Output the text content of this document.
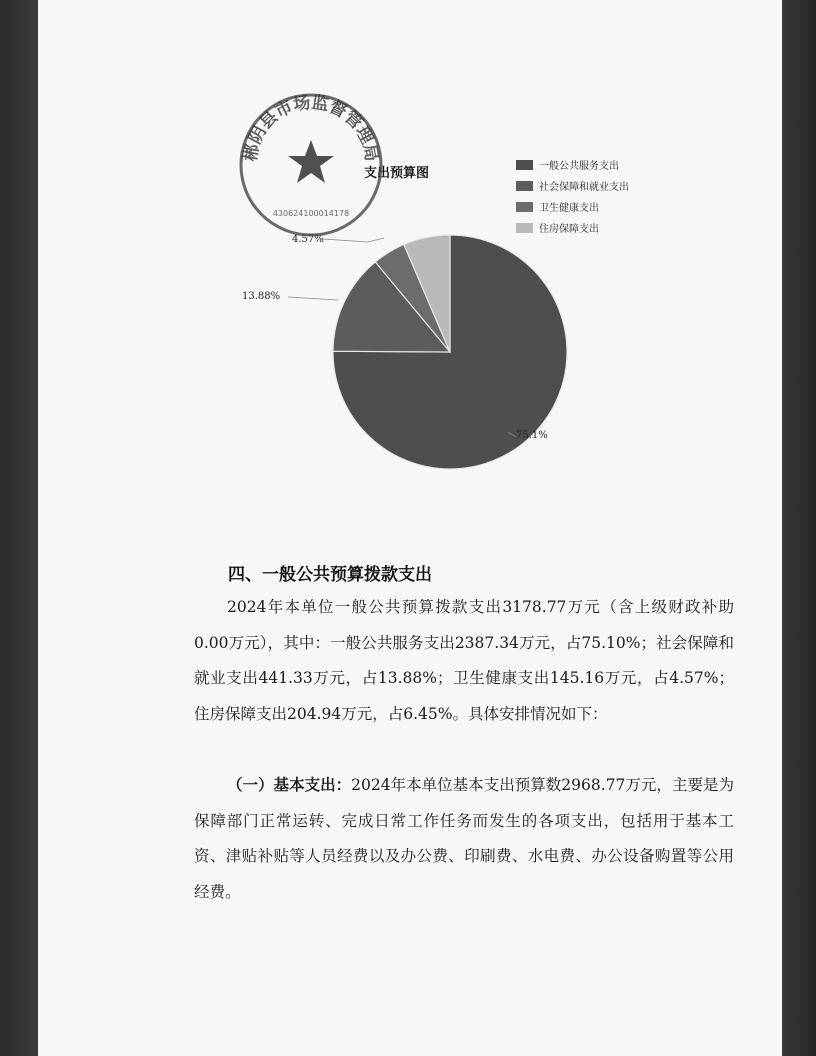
支出预算图	一般公共服务支出
社会保障和就业支出
卫生健康支出
住房保障支出
75.1%
13.88%
4.57%
郴阴县市场监督管理局
430624100014178
四、一般公共预算拨款支出
2024年本单位一般公共预算拨款支出3178.77万元（含上级财政补助0.00万元），其中：一般公共服务支出2387.34万元，占75.10%；社会保障和就业支出441.33万元，占13.88%；卫生健康支出145.16万元，占4.57%；住房保障支出204.94万元，占6.45%。具体安排情况如下：
（一）基本支出：2024年本单位基本支出预算数2968.77万元，主要是为保障部门正常运转、完成日常工作任务而发生的各项支出，包括用于基本工资、津贴补贴等人员经费以及办公费、印刷费、水电费、办公设备购置等公用经费。
